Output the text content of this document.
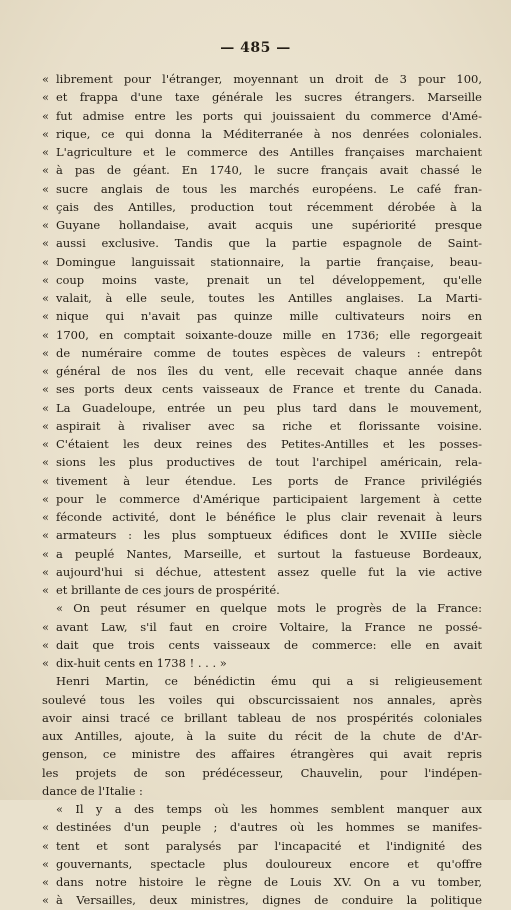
— 485 —
« librement pour l'étranger, moyennant un droit de 3 pour 100,
« et frappa d'une taxe générale les sucres étrangers. Marseille
« fut admise entre les ports qui jouissaient du commerce d'Amé-
« rique, ce qui donna la Méditerranée à nos denrées coloniales.
« L'agriculture et le commerce des Antilles françaises marchaient
« à pas de géant. En 1740, le sucre français avait chassé le
« sucre anglais de tous les marchés européens. Le café fran-
« çais des Antilles, production tout récemment dérobée à la
« Guyane hollandaise, avait acquis une supériorité presque
« aussi exclusive. Tandis que la partie espagnole de Saint-
« Domingue languissait stationnaire, la partie française, beau-
« coup moins vaste, prenait un tel développement, qu'elle
« valait, à elle seule, toutes les Antilles anglaises. La Marti-
« nique qui n'avait pas quinze mille cultivateurs noirs en
« 1700, en comptait soixante-douze mille en 1736; elle regorgeait
« de numéraire comme de toutes espèces de valeurs : entrepôt
« général de nos îles du vent, elle recevait chaque année dans
« ses ports deux cents vaisseaux de France et trente du Canada.
« La Guadeloupe, entrée un peu plus tard dans le mouvement,
« aspirait à rivaliser avec sa riche et florissante voisine.
« C'étaient les deux reines des Petites-Antilles et les posses-
« sions les plus productives de tout l'archipel américain, rela-
« tivement à leur étendue. Les ports de France privilégiés
« pour le commerce d'Amérique participaient largement à cette
« féconde activité, dont le bénéfice le plus clair revenait à leurs
« armateurs : les plus somptueux édifices dont le XVIIIe siècle
« a peuplé Nantes, Marseille, et surtout la fastueuse Bordeaux,
« aujourd'hui si déchue, attestent assez quelle fut la vie active
« et brillante de ces jours de prospérité.
« On peut résumer en quelque mots le progrès de la France:
« avant Law, s'il faut en croire Voltaire, la France ne possé-
« dait que trois cents vaisseaux de commerce: elle en avait
« dix-huit cents en 1738 ! . . . »
Henri Martin, ce bénédictin ému qui a si religieusement
soulevé tous les voiles qui obscurcissaient nos annales, après
avoir ainsi tracé ce brillant tableau de nos prospérités coloniales
aux Antilles, ajoute, à la suite du récit de la chute de d'Ar-
genson, ce ministre des affaires étrangères qui avait repris
les projets de son prédécesseur, Chauvelin, pour l'indépen-
dance de l'Italie :
« Il y a des temps où les hommes semblent manquer aux
« destinées d'un peuple ; d'autres où les hommes se manifes-
« tent et sont paralysés par l'incapacité et l'indignité des
« gouvernants, spectacle plus douloureux encore et qu'offre
« dans notre histoire le règne de Louis XV. On a vu tomber,
« à Versailles, deux ministres, dignes de conduire la politique
